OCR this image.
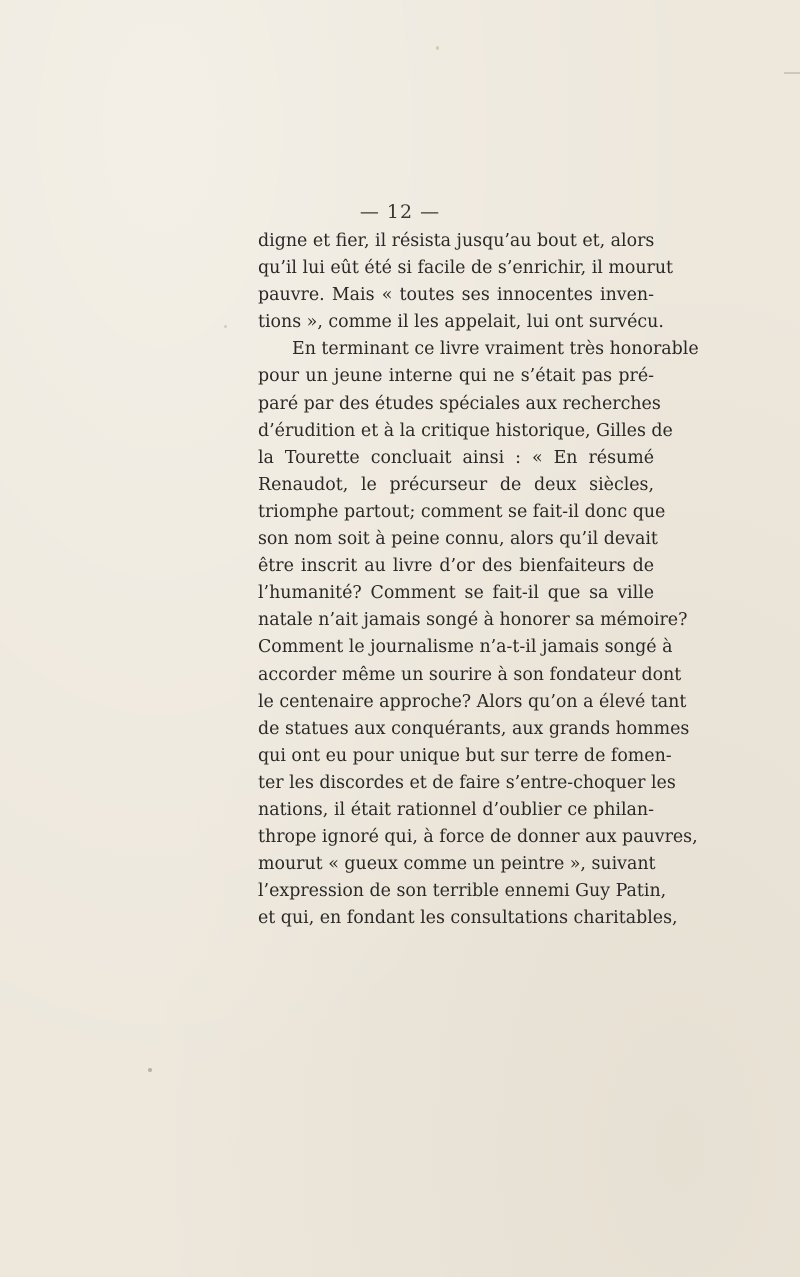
— 12 —
digne et fier, il résista jusqu’au bout et, alors
qu’il lui eût été si facile de s’enrichir, il mourut
pauvre. Mais « toutes ses innocentes inven-
tions », comme il les appelait, lui ont survécu.
En terminant ce livre vraiment très honorable
pour un jeune interne qui ne s’était pas pré-
paré par des études spéciales aux recherches
d’érudition et à la critique historique, Gilles de
la Tourette concluait ainsi : « En résumé
Renaudot, le précurseur de deux siècles,
triomphe partout; comment se fait-il donc que
son nom soit à peine connu, alors qu’il devait
être inscrit au livre d’or des bienfaiteurs de
l’humanité? Comment se fait-il que sa ville
natale n’ait jamais songé à honorer sa mémoire?
Comment le journalisme n’a-t-il jamais songé à
accorder même un sourire à son fondateur dont
le centenaire approche? Alors qu’on a élevé tant
de statues aux conquérants, aux grands hommes
qui ont eu pour unique but sur terre de fomen-
ter les discordes et de faire s’entre-choquer les
nations, il était rationnel d’oublier ce philan-
thrope ignoré qui, à force de donner aux pauvres,
mourut « gueux comme un peintre », suivant
l’expression de son terrible ennemi Guy Patin,
et qui, en fondant les consultations charitables,
